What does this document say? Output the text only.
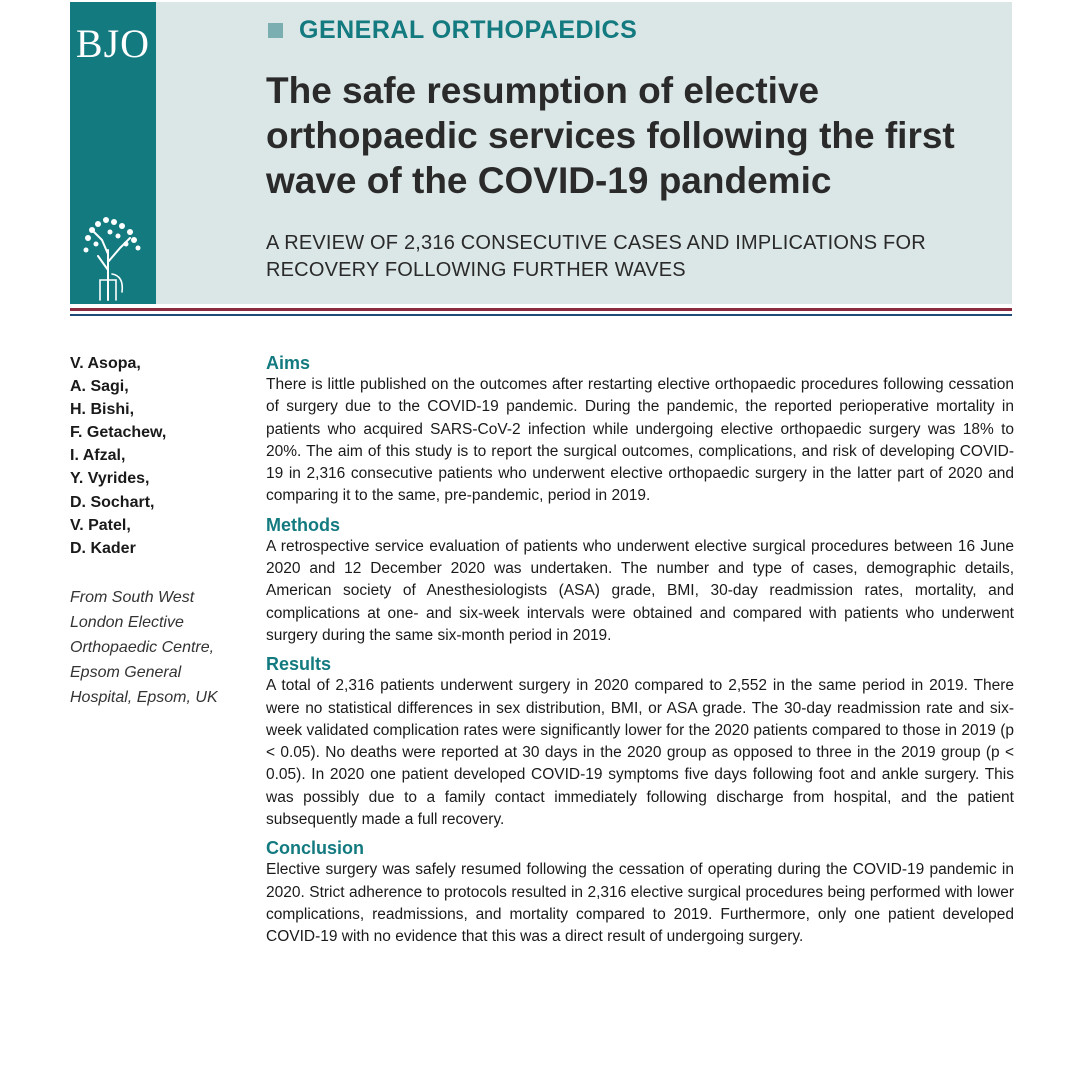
BJO	GENERAL ORTHOPAEDICS
The safe resumption of elective
orthopaedic services following the first
wave of the COVID-19 pandemic
A REVIEW OF 2,316 CONSECUTIVE CASES AND IMPLICATIONS FOR
RECOVERY FOLLOWING FURTHER WAVES
V. Asopa,
A. Sagi,
H. Bishi,
F. Getachew,
I. Afzal,
Y. Vyrides,
D. Sochart,
V. Patel,
D. Kader
From South West
London Elective
Orthopaedic Centre,
Epsom General
Hospital, Epsom, UK
Aims

There is little published on the outcomes after restarting elective orthopaedic procedures following cessation of surgery due to the COVID-19 pandemic. During the pandemic, the reported perioperative mortality in patients who acquired SARS-CoV-2 infection while undergoing elective orthopaedic surgery was 18% to 20%. The aim of this study is to report the surgical outcomes, complications, and risk of developing COVID-19 in 2,316 consecutive patients who underwent elective orthopaedic surgery in the latter part of 2020 and comparing it to the same, pre-pandemic, period in 2019.

Methods

A retrospective service evaluation of patients who underwent elective surgical procedures between 16 June 2020 and 12 December 2020 was undertaken. The number and type of cases, demographic details, American society of Anesthesiologists (ASA) grade, BMI, 30-day readmission rates, mortality, and complications at one- and six-week intervals were obtained and compared with patients who underwent surgery during the same six-month period in 2019.

Results

A total of 2,316 patients underwent surgery in 2020 compared to 2,552 in the same period in 2019. There were no statistical differences in sex distribution, BMI, or ASA grade. The 30-day readmission rate and six-week validated complication rates were significantly lower for the 2020 patients compared to those in 2019 (p < 0.05). No deaths were reported at 30 days in the 2020 group as opposed to three in the 2019 group (p < 0.05). In 2020 one patient developed COVID-19 symptoms five days following foot and ankle surgery. This was possibly due to a family contact immediately following discharge from hospital, and the patient subsequently made a full recovery.

Conclusion

Elective surgery was safely resumed following the cessation of operating during the COVID-19 pandemic in 2020. Strict adherence to protocols resulted in 2,316 elective surgical procedures being performed with lower complications, readmissions, and mortality compared to 2019. Furthermore, only one patient developed COVID-19 with no evidence that this was a direct result of undergoing surgery.
